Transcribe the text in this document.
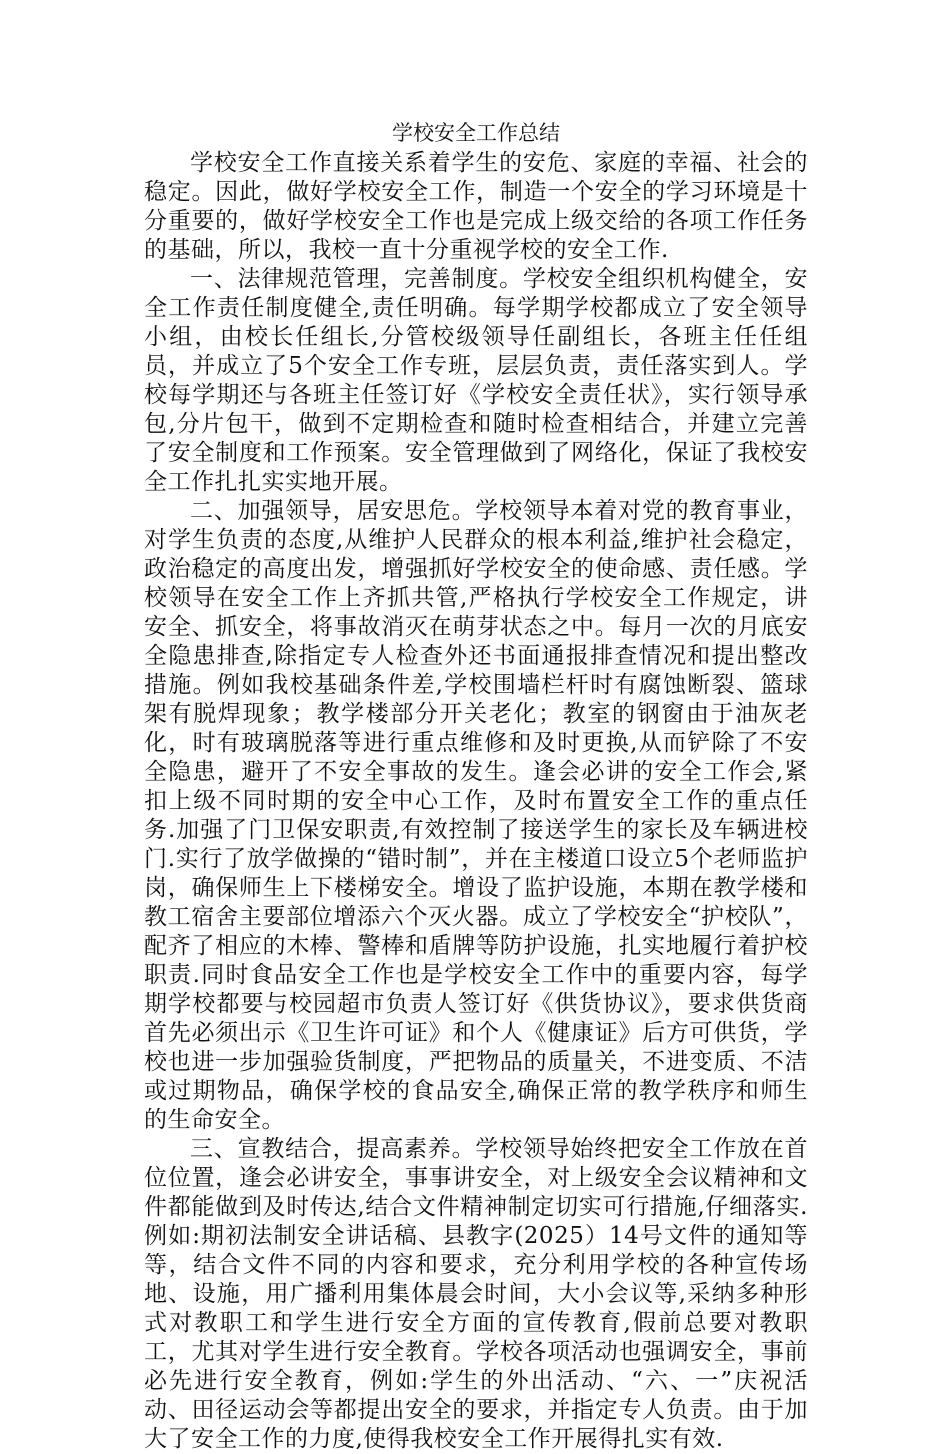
学校安全工作总结

学校安全工作直接关系着学生的安危、家庭的幸福、社会的稳定。因此，做好学校安全工作，制造一个安全的学习环境是十分重要的，做好学校安全工作也是完成上级交给的各项工作任务的基础，所以，我校一直十分重视学校的安全工作.

一、法律规范管理，完善制度。学校安全组织机构健全，安全工作责任制度健全,责任明确。每学期学校都成立了安全领导小组，由校长任组长,分管校级领导任副组长，各班主任任组员，并成立了5个安全工作专班，层层负责，责任落实到人。学校每学期还与各班主任签订好《学校安全责任状》，实行领导承包,分片包干，做到不定期检查和随时检查相结合，并建立完善了安全制度和工作预案。安全管理做到了网络化，保证了我校安全工作扎扎实实地开展。

二、加强领导，居安思危。学校领导本着对党的教育事业，对学生负责的态度,从维护人民群众的根本利益,维护社会稳定，政治稳定的高度出发，增强抓好学校安全的使命感、责任感。学校领导在安全工作上齐抓共管,严格执行学校安全工作规定，讲安全、抓安全，将事故消灭在萌芽状态之中。每月一次的月底安全隐患排查,除指定专人检查外还书面通报排查情况和提出整改措施。例如我校基础条件差,学校围墙栏杆时有腐蚀断裂、篮球架有脱焊现象；教学楼部分开关老化；教室的钢窗由于油灰老化，时有玻璃脱落等进行重点维修和及时更换,从而铲除了不安全隐患，避开了不安全事故的发生。逢会必讲的安全工作会,紧扣上级不同时期的安全中心工作，及时布置安全工作的重点任务.加强了门卫保安职责,有效控制了接送学生的家长及车辆进校门.实行了放学做操的“错时制”，并在主楼道口设立5个老师监护岗，确保师生上下楼梯安全。增设了监护设施，本期在教学楼和教工宿舍主要部位增添六个灭火器。成立了学校安全“护校队”，配齐了相应的木棒、警棒和盾牌等防护设施，扎实地履行着护校职责.同时食品安全工作也是学校安全工作中的重要内容，每学期学校都要与校园超市负责人签订好《供货协议》，要求供货商首先必须出示《卫生许可证》和个人《健康证》后方可供货，学校也进一步加强验货制度，严把物品的质量关，不进变质、不洁或过期物品，确保学校的食品安全,确保正常的教学秩序和师生的生命安全。

三、宣教结合，提高素养。学校领导始终把安全工作放在首位位置，逢会必讲安全，事事讲安全，对上级安全会议精神和文件都能做到及时传达,结合文件精神制定切实可行措施,仔细落实.例如:期初法制安全讲话稿、县教字(2025）14号文件的通知等等，结合文件不同的内容和要求，充分利用学校的各种宣传场地、设施，用广播利用集体晨会时间，大小会议等,采纳多种形式对教职工和学生进行安全方面的宣传教育,假前总要对教职工，尤其对学生进行安全教育。学校各项活动也强调安全，事前必先进行安全教育，例如:学生的外出活动、“六、一”庆祝活动、田径运动会等都提出安全的要求，并指定专人负责。由于加大了安全工作的力度,使得我校安全工作开展得扎实有效.
